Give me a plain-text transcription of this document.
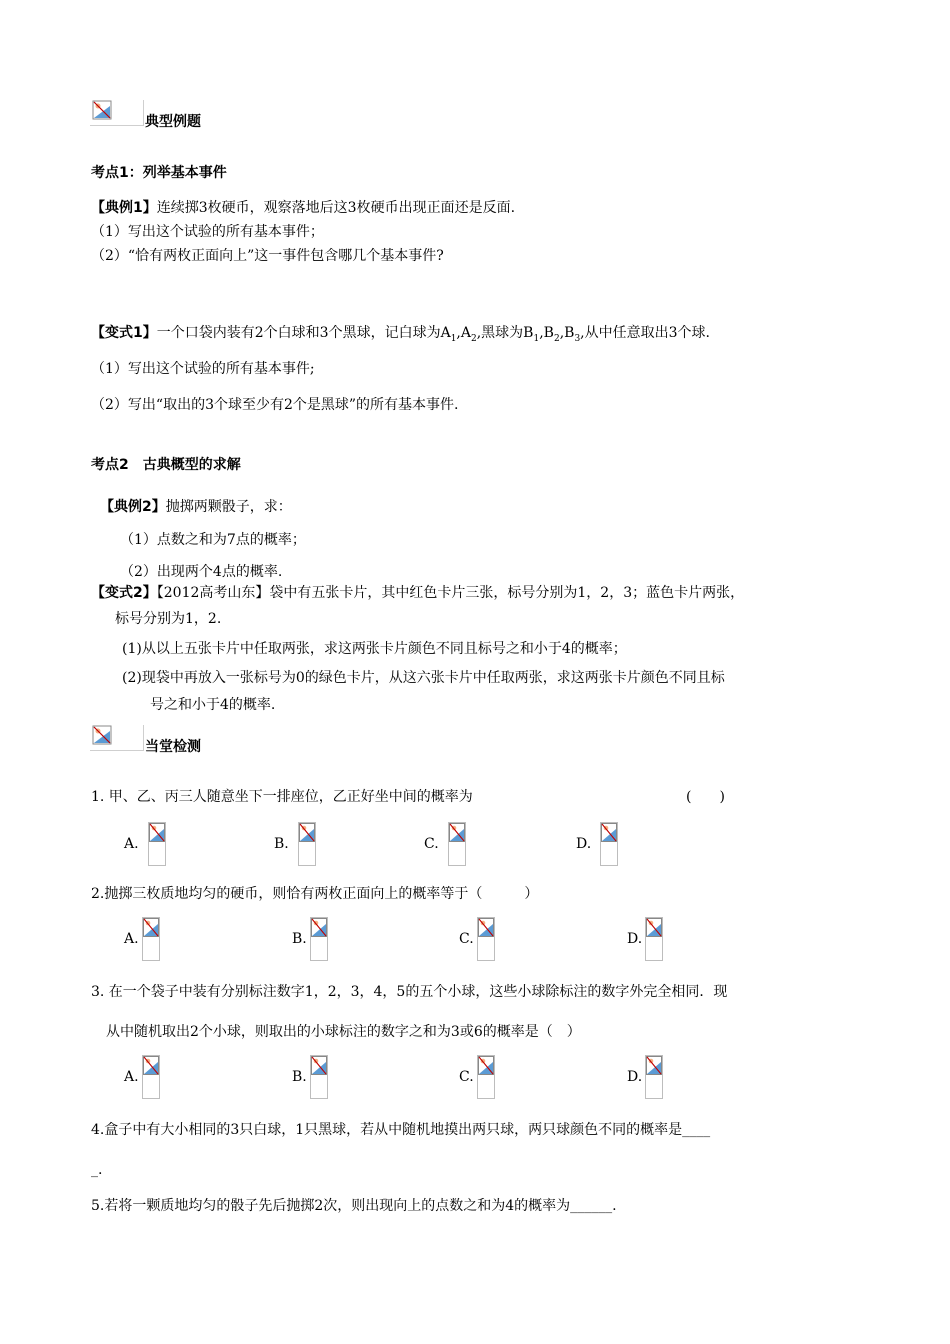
典型例题
考点1：列举基本事件
【典例1】连续掷3枚硬币，观察落地后这3枚硬币出现正面还是反面.
（1）写出这个试验的所有基本事件；
（2）“恰有两枚正面向上”这一事件包含哪几个基本事件?
【变式1】一个口袋内装有2个白球和3个黑球，记白球为$A_1,A_2$,黑球为$B_1,B_2,B_3$,从中任意取出3个球.
（1）写出这个试验的所有基本事件;
（2）写出“取出的3个球至少有2个是黑球”的所有基本事件.
考点2　古典概型的求解
【典例2】抛掷两颗骰子，求：
（1）点数之和为7点的概率；
（2）出现两个4点的概率.
【变式2】【2012高考山东】袋中有五张卡片，其中红色卡片三张，标号分别为1，2，3；蓝色卡片两张，
标号分别为1，2.
(1)从以上五张卡片中任取两张，求这两张卡片颜色不同且标号之和小于4的概率；
(2)现袋中再放入一张标号为0的绿色卡片，从这六张卡片中任取两张，求这两张卡片颜色不同且标
号之和小于4的概率.
当堂检测
1. 甲、乙、丙三人随意坐下一排座位，乙正好坐中间的概率为	(　　)
2.抛掷三枚质地均匀的硬币，则恰有两枚正面向上的概率等于（　　　）
3. 在一个袋子中装有分别标注数字1，2，3，4，5的五个小球，这些小球除标注的数字外完全相同．现
从中随机取出2个小球，则取出的小球标注的数字之和为3或6的概率是（　）
4.盒子中有大小相同的3只白球，1只黑球，若从中随机地摸出两只球，两只球颜色不同的概率是____
_.
5.若将一颗质地均匀的骰子先后抛掷2次，则出现向上的点数之和为4的概率为______.
A.	B.	C.	D.
A.	B.	C.	D.
A.	B.	C.	D.
